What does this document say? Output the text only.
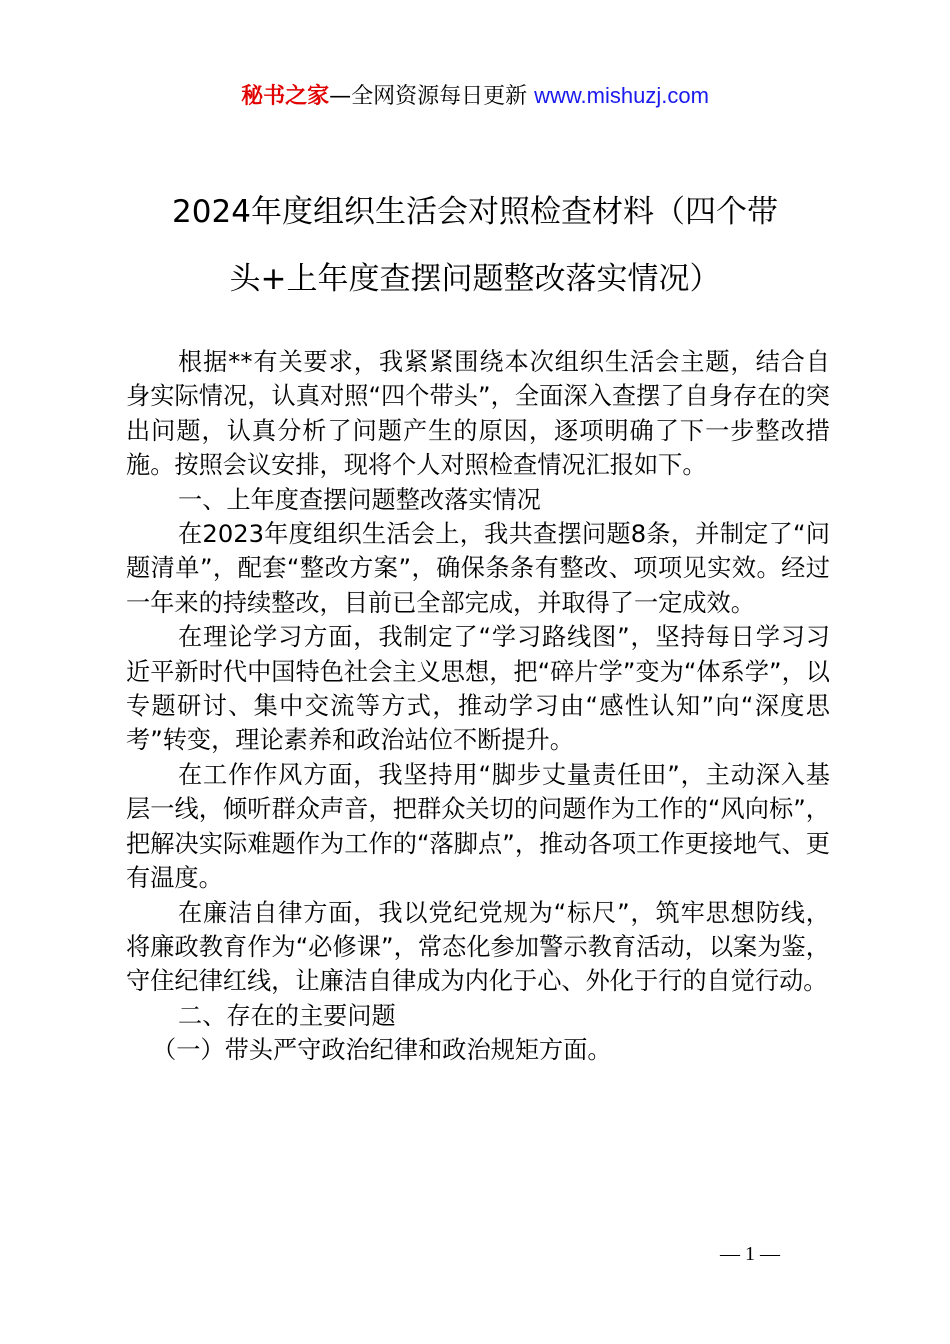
秘书之家—全网资源每日更新 www.mishuzj.com
2024年度组织生活会对照检查材料（四个带
头+上年度查摆问题整改落实情况）

根据**有关要求，我紧紧围绕本次组织生活会主题，结合自身实际情况，认真对照“四个带头”，全面深入查摆了自身存在的突出问题，认真分析了问题产生的原因，逐项明确了下一步整改措施。按照会议安排，现将个人对照检查情况汇报如下。

一、上年度查摆问题整改落实情况

在2023年度组织生活会上，我共查摆问题8条，并制定了“问题清单”，配套“整改方案”，确保条条有整改、项项见实效。经过一年来的持续整改，目前已全部完成，并取得了一定成效。

在理论学习方面，我制定了“学习路线图”，坚持每日学习习近平新时代中国特色社会主义思想，把“碎片学”变为“体系学”，以专题研讨、集中交流等方式，推动学习由“感性认知”向“深度思考”转变，理论素养和政治站位不断提升。

在工作作风方面，我坚持用“脚步丈量责任田”，主动深入基层一线，倾听群众声音，把群众关切的问题作为工作的“风向标”，把解决实际难题作为工作的“落脚点”，推动各项工作更接地气、更有温度。

在廉洁自律方面，我以党纪党规为“标尺”，筑牢思想防线，将廉政教育作为“必修课”，常态化参加警示教育活动，以案为鉴，守住纪律红线，让廉洁自律成为内化于心、外化于行的自觉行动。

二、存在的主要问题

（一）带头严守政治纪律和政治规矩方面。

— 1 —
